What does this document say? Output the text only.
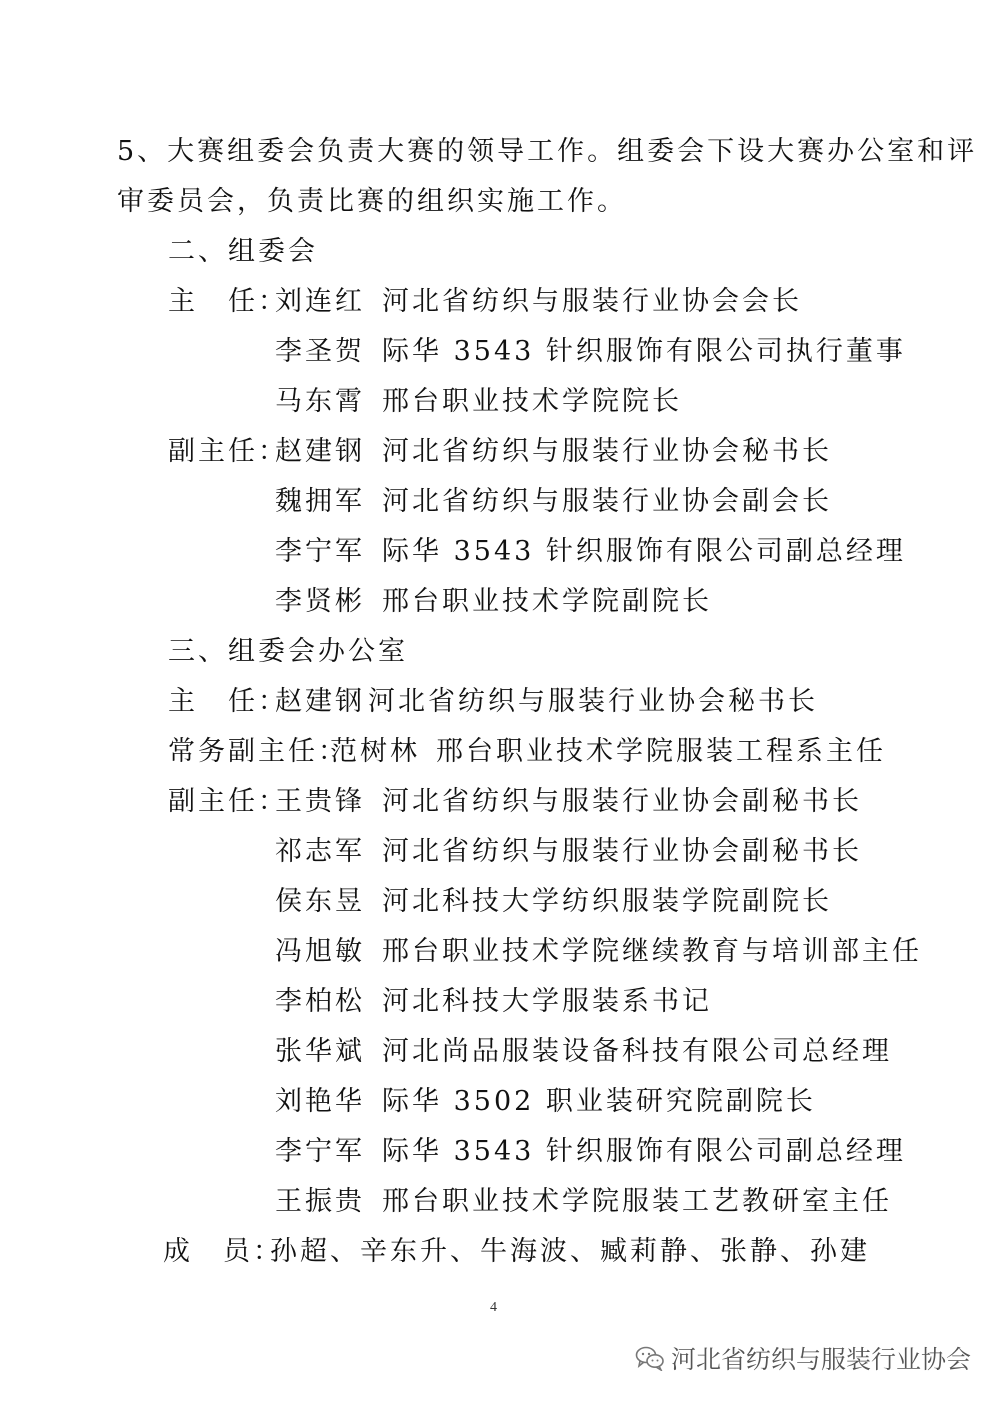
5、大赛组委会负责大赛的领导工作。组委会下设大赛办公室和评
审委员会，负责比赛的组织实施工作。
二、组委会
主　任：
刘连红 河北省纺织与服装行业协会会长
李圣贺 际华 3543 针织服饰有限公司执行董事
马东霄 邢台职业技术学院院长
副主任：
赵建钢 河北省纺织与服装行业协会秘书长
魏拥军 河北省纺织与服装行业协会副会长
李宁军 际华 3543 针织服饰有限公司副总经理
李贤彬 邢台职业技术学院副院长
三、组委会办公室
主　任：
赵建钢 河北省纺织与服装行业协会秘书长
常务副主任：
范树林 邢台职业技术学院服装工程系主任
副主任：
王贵锋 河北省纺织与服装行业协会副秘书长
祁志军 河北省纺织与服装行业协会副秘书长
侯东昱 河北科技大学纺织服装学院副院长
冯旭敏 邢台职业技术学院继续教育与培训部主任
李柏松 河北科技大学服装系书记
张华斌 河北尚品服装设备科技有限公司总经理
刘艳华 际华 3502 职业装研究院副院长
李宁军 际华 3543 针织服饰有限公司副总经理
王振贵 邢台职业技术学院服装工艺教研室主任
成　员：
孙超、辛东升、牛海波、臧莉静、张静、孙建
4
河北省纺织与服装行业协会
